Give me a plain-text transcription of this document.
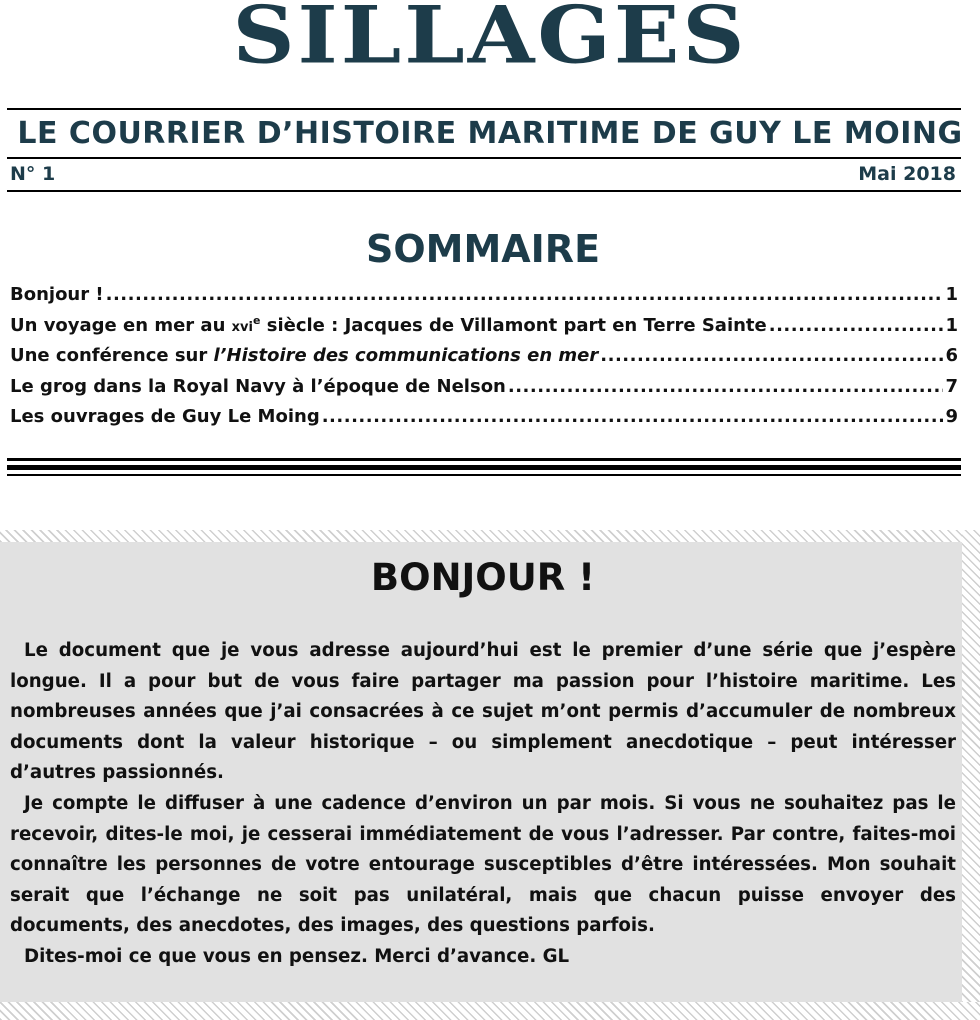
SILLAGES
LE COURRIER D’HISTOIRE MARITIME DE GUY LE MOING
N° 1	Mai 2018
SOMMAIRE
Bonjour ! .....	1
Un voyage en mer au xvi$^e$ siècle : Jacques de Villamont part en Terre Sainte .....	1
Une conférence sur l’Histoire des communications en mer .....	6
Le grog dans la Royal Navy à l’époque de Nelson .....	7
Les ouvrages de Guy Le Moing .....	9
BONJOUR !

Le document que je vous adresse aujourd’hui est le premier d’une série que j’espère longue. Il a pour but de vous faire partager ma passion pour l’histoire maritime. Les nombreuses années que j’ai consacrées à ce sujet m’ont permis d’accumuler de nombreux documents dont la valeur historique – ou simplement anecdotique – peut intéresser d’autres passionnés.

Je compte le diffuser à une cadence d’environ un par mois. Si vous ne souhaitez pas le recevoir, dites-le moi, je cesserai immédiatement de vous l’adresser. Par contre, faites-moi connaître les personnes de votre entourage susceptibles d’être intéressées. Mon souhait serait que l’échange ne soit pas unilatéral, mais que chacun puisse envoyer des documents, des anecdotes, des images, des questions parfois.

Dites-moi ce que vous en pensez. Merci d’avance. GL
